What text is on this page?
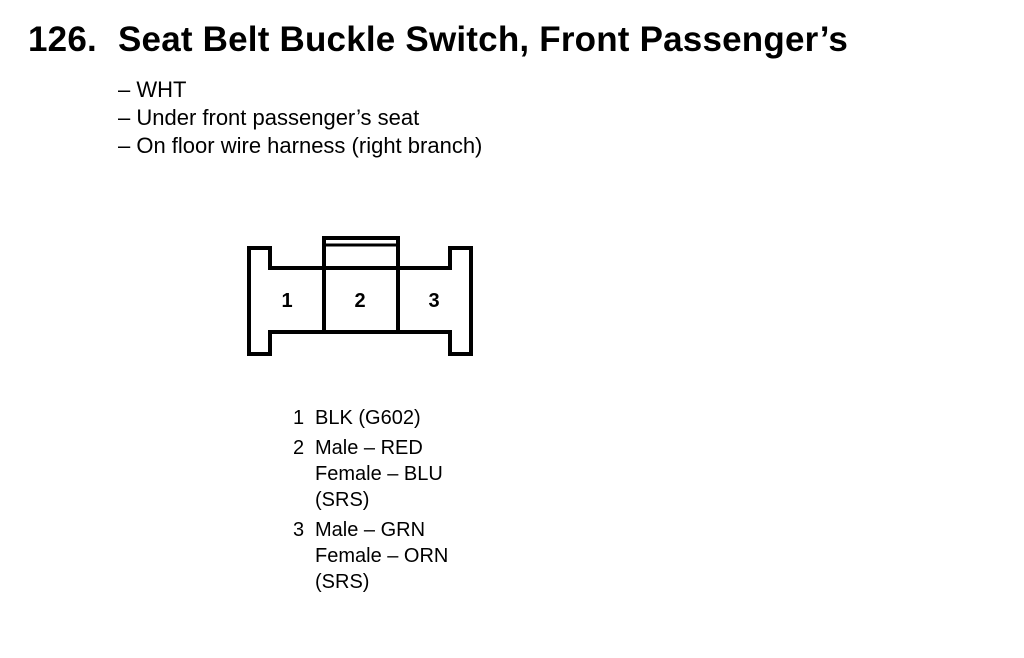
126. Seat Belt Buckle Switch, Front Passenger’s
– WHT
– Under front passenger’s seat
– On floor wire harness (right branch)
1	2	3
1 BLK (G602)
2 Male – RED
Female – BLU
(SRS)
3 Male – GRN
Female – ORN
(SRS)
